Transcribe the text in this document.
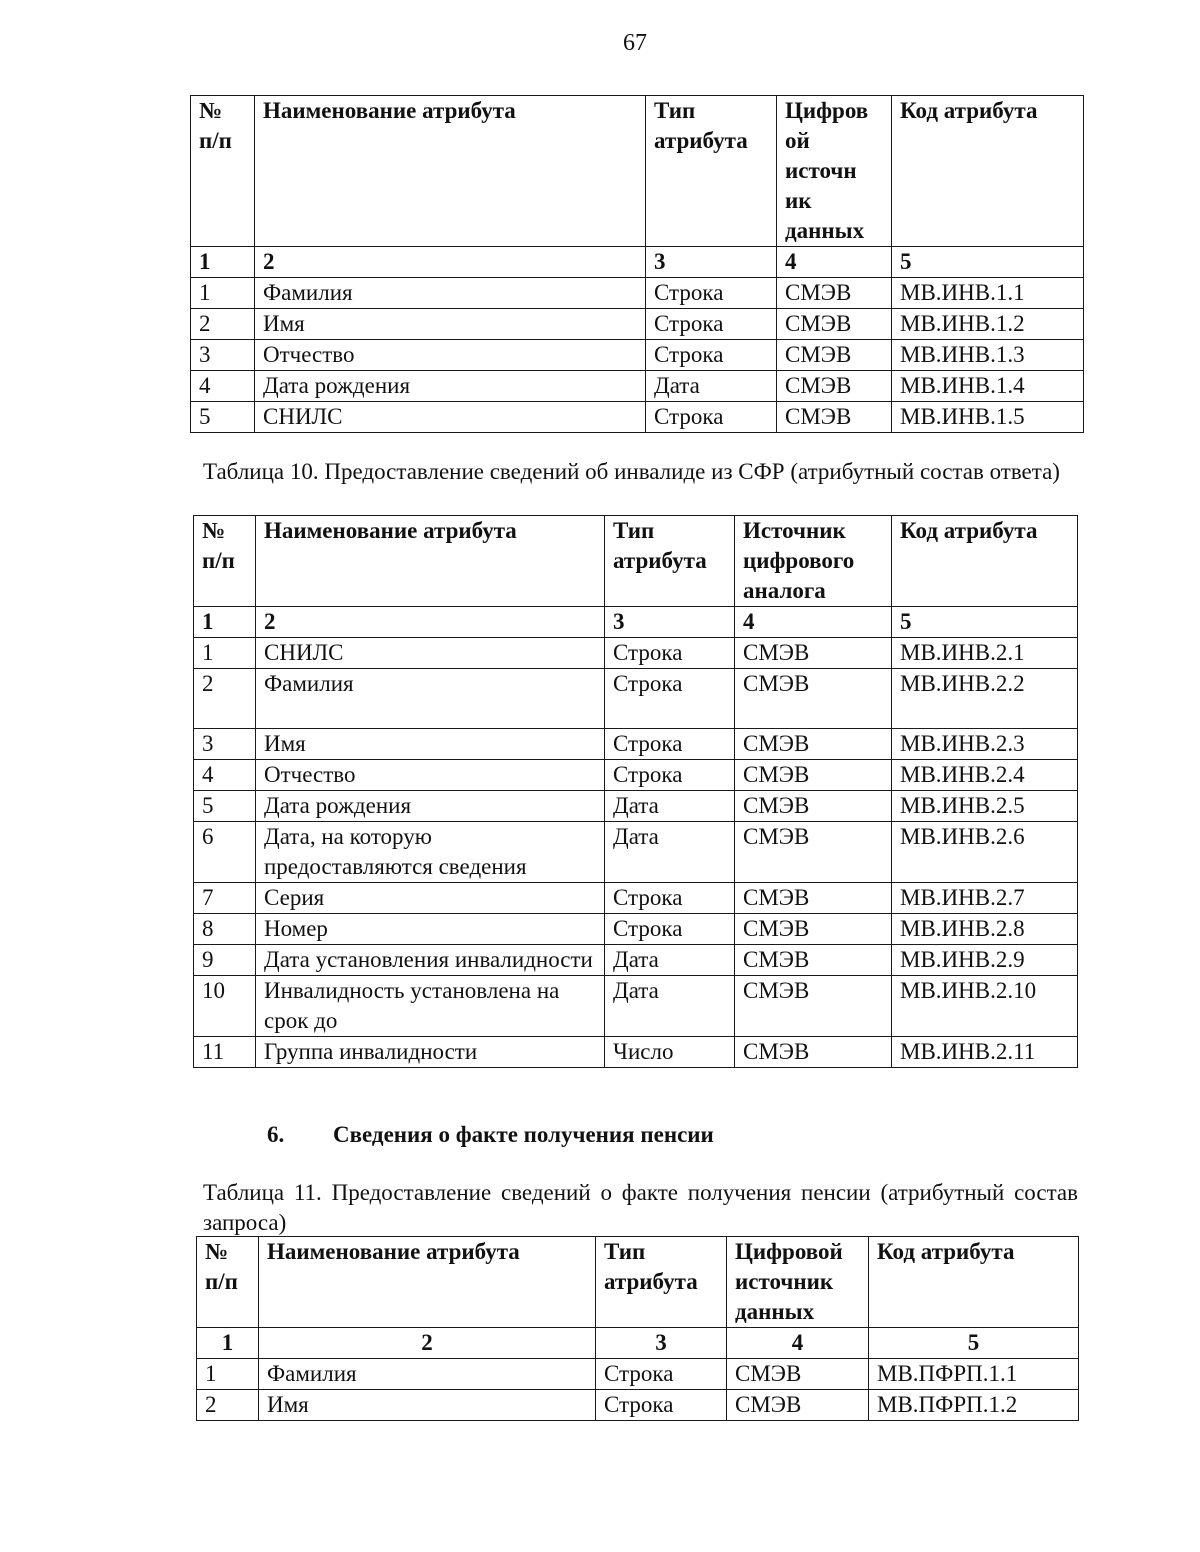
67
№ п/п	Наименование атрибута	Тип атрибута	Цифров ой источн ик данных	Код атрибута
1	2	3	4	5
1	Фамилия	Строка	СМЭВ	МВ.ИНВ.1.1
2	Имя	Строка	СМЭВ	МВ.ИНВ.1.2
3	Отчество	Строка	СМЭВ	МВ.ИНВ.1.3
4	Дата рождения	Дата	СМЭВ	МВ.ИНВ.1.4
5	СНИЛС	Строка	СМЭВ	МВ.ИНВ.1.5
Таблица 10. Предоставление сведений об инвалиде из СФР (атрибутный состав ответа)
№ п/п	Наименование атрибута	Тип атрибута	Источник цифрового аналога	Код атрибута
1	2	3	4	5
1	СНИЛС	Строка	СМЭВ	МВ.ИНВ.2.1
2	Фамилия	Строка	СМЭВ	МВ.ИНВ.2.2
3	Имя	Строка	СМЭВ	МВ.ИНВ.2.3
4	Отчество	Строка	СМЭВ	МВ.ИНВ.2.4
5	Дата рождения	Дата	СМЭВ	МВ.ИНВ.2.5
6	Дата, на которую предоставляются сведения	Дата	СМЭВ	МВ.ИНВ.2.6
7	Серия	Строка	СМЭВ	МВ.ИНВ.2.7
8	Номер	Строка	СМЭВ	МВ.ИНВ.2.8
9	Дата установления инвалидности	Дата	СМЭВ	МВ.ИНВ.2.9
10	Инвалидность установлена на срок до	Дата	СМЭВ	МВ.ИНВ.2.10
11	Группа инвалидности	Число	СМЭВ	МВ.ИНВ.2.11
6. Сведения о факте получения пенсии
Таблица 11. Предоставление сведений о факте получения пенсии (атрибутный состав запроса)
№ п/п	Наименование атрибута	Тип атрибута	Цифровой источник данных	Код атрибута
1	2	3	4	5
1	Фамилия	Строка	СМЭВ	МВ.ПФРП.1.1
2	Имя	Строка	СМЭВ	МВ.ПФРП.1.2
